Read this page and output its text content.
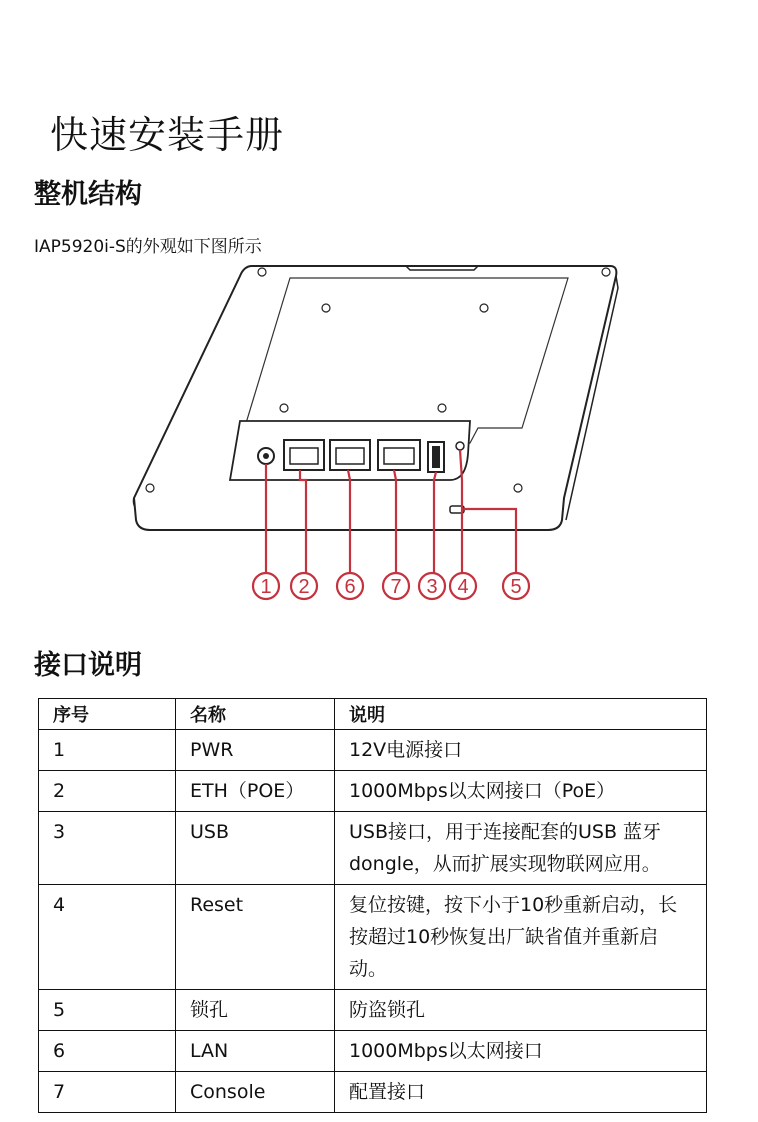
快速安装手册
整机结构
IAP5920i-S的外观如下图所示
1 2 6 7 3 4 5
接口说明
序号	名称	说明
1	PWR	12V电源接口
2	ETH（POE）	1000Mbps以太网接口（PoE）
3	USB	USB接口，用于连接配套的USB 蓝牙dongle，从而扩展实现物联网应用。
4	Reset	复位按键，按下小于10秒重新启动，长按超过10秒恢复出厂缺省值并重新启动。
5	锁孔	防盗锁孔
6	LAN	1000Mbps以太网接口
7	Console	配置接口
